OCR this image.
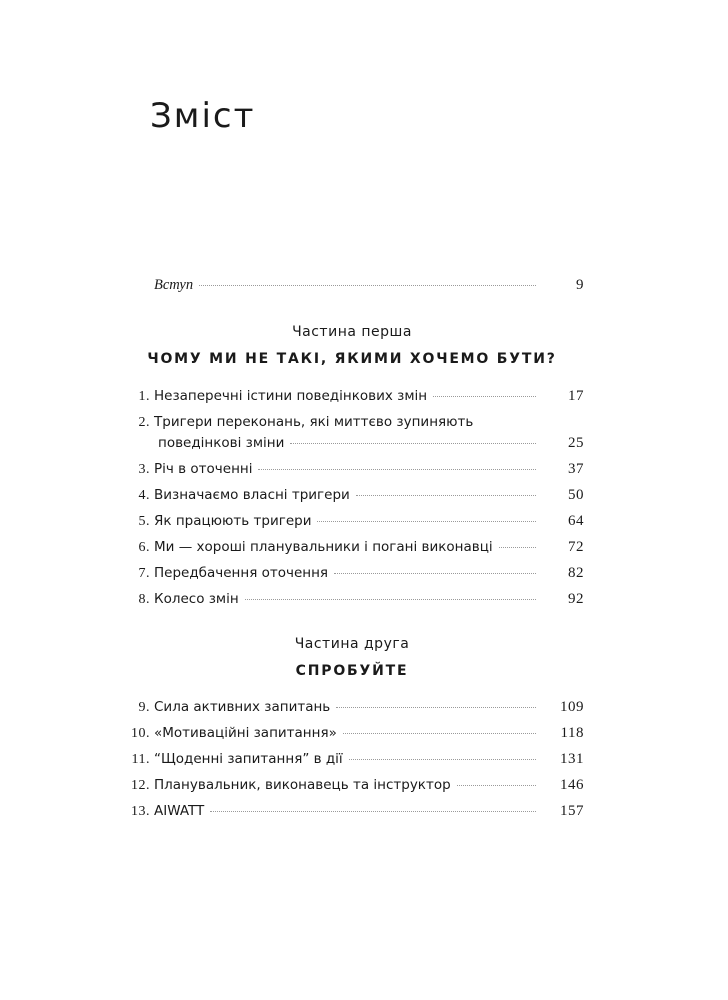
Зміст
Вступ	9
Частина перша
ЧОМУ МИ НЕ ТАКІ, ЯКИМИ ХОЧЕМО БУТИ?
1. Незаперечні істини поведінкових змін	17
2. Тригери переконань, які миттєво зупиняють
поведінкові зміни	25
3. Річ в оточенні	37
4. Визначаємо власні тригери	50
5. Як працюють тригери	64
6. Ми — хороші планувальники і погані виконавці	72
7. Передбачення оточення	82
8. Колесо змін	92
Частина друга
СПРОБУЙТЕ
9. Сила активних запитань	109
10. «Мотиваційні запитання»	118
11. “Щоденні запитання” в дії	131
12. Планувальник, виконавець та інструктор	146
13. AIWATT	157
